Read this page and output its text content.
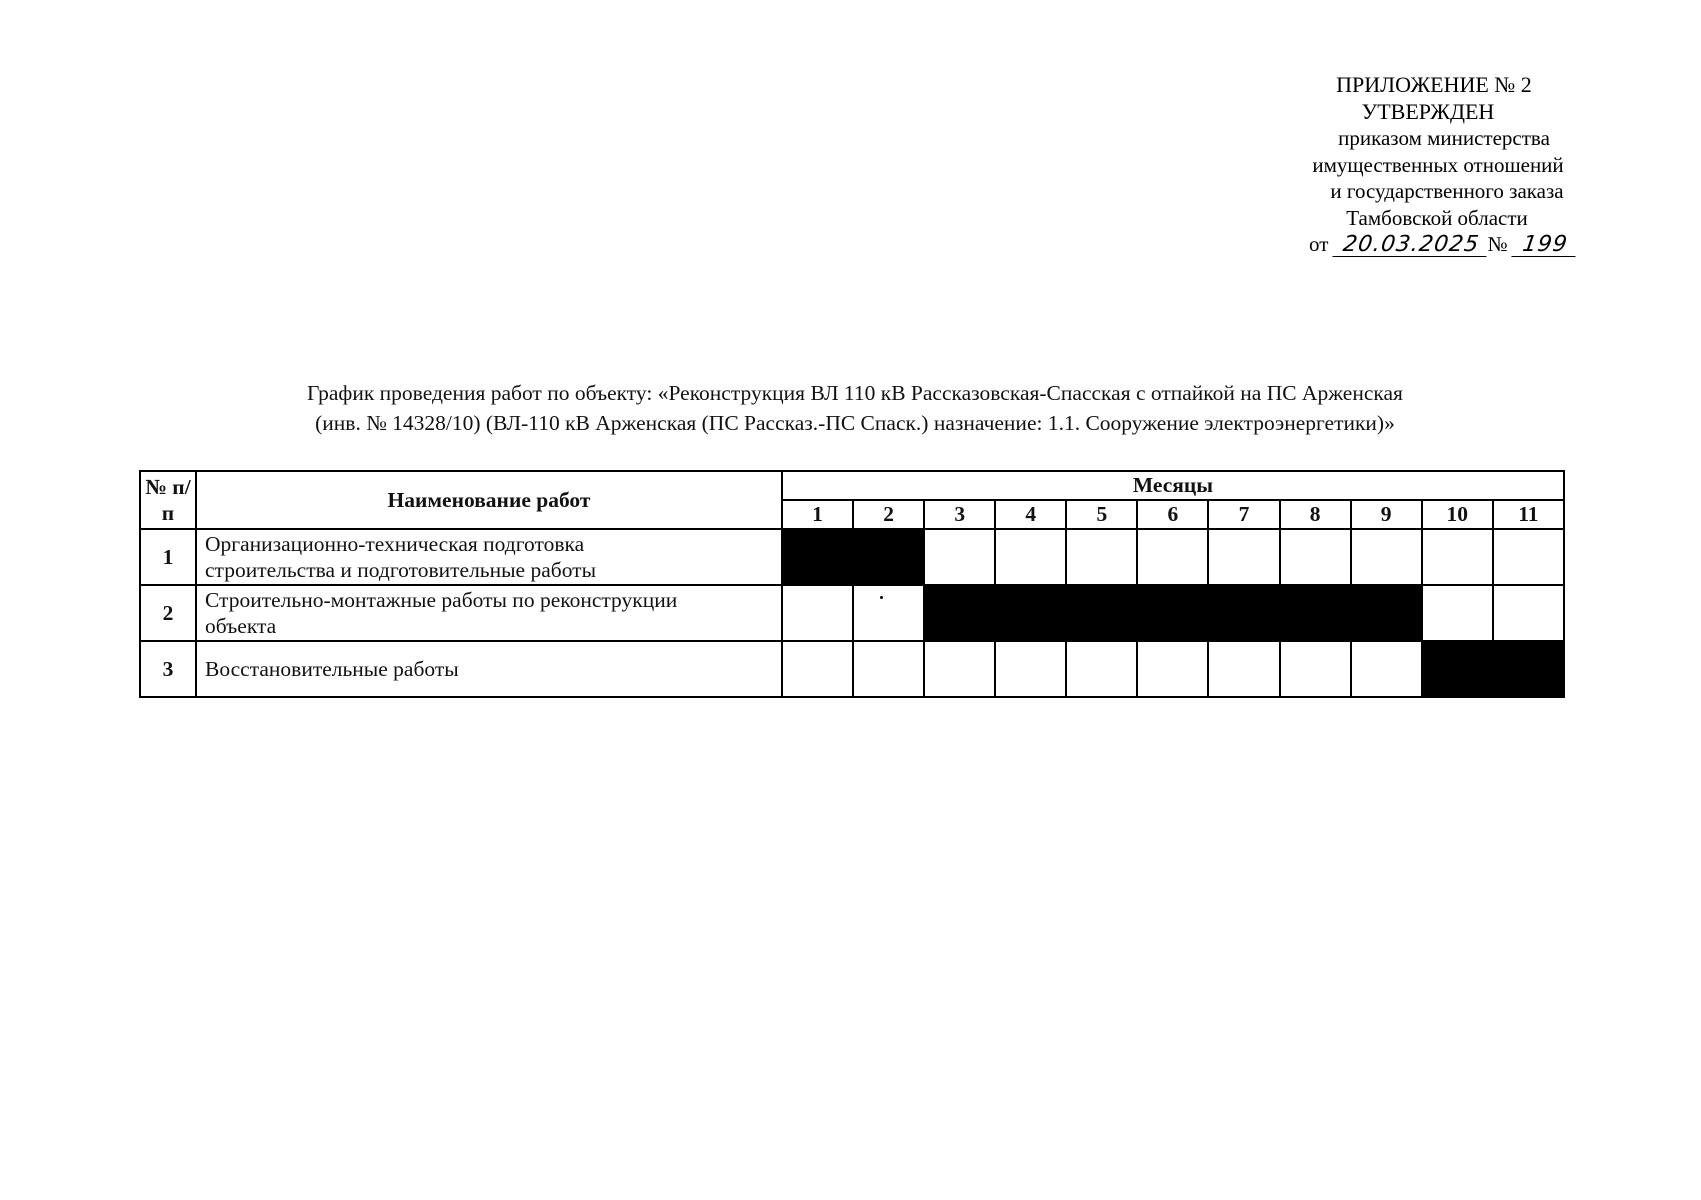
ПРИЛОЖЕНИЕ № 2
УТВЕРЖДЕН
приказом министерства
имущественных отношений
и государственного заказа
Тамбовской области
от 20.03.2025 № 199
График проведения работ по объекту: «Реконструкция ВЛ 110 кВ Рассказовская-Спасская с отпайкой на ПС Арженская
(инв. № 14328/10) (ВЛ-110 кВ Арженская (ПС Рассказ.-ПС Спаск.) назначение: 1.1. Сооружение электроэнергетики)»
№ п/п	Наименование работ	Месяцы										
		1	2	3	4	5	6	7	8	9	10	11
1	Организационно-техническая подготовка
строительства и подготовительные работы											

2	Строительно-монтажные работы по реконструкции
объекта											

3	Восстановительные работы											
